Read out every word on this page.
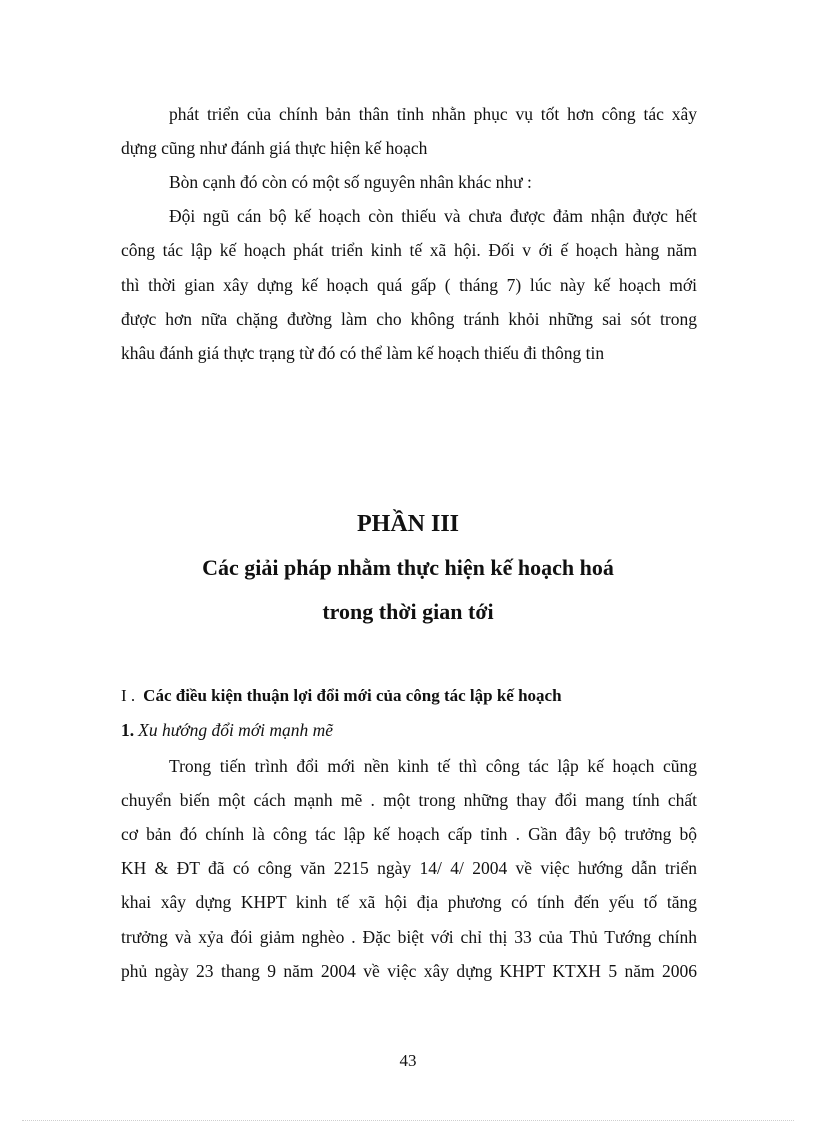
phát triển của chính bản thân tỉnh nhằn phục vụ tốt hơn công tác xây

dựng cũng như đánh giá thực hiện kế hoạch

Bòn cạnh đó còn có một số nguyên nhân khác như :

Đội ngũ cán bộ kế hoạch còn thiếu và chưa được đảm nhận được hết

công tác lập kế hoạch phát triển kinh tế xã hội. Đối v ới ế hoạch hàng năm

thì thời gian xây dựng kế hoạch quá gấp ( tháng 7) lúc này kế hoạch mới

được hơn nữa chặng đường làm cho không tránh khỏi những sai sót trong

khâu đánh giá thực trạng từ đó có thể làm kế hoạch thiếu đi thông tin

PHẦN III
Các giải pháp nhằm thực hiện kế hoạch hoá
trong thời gian tới

I . Các điều kiện thuận lợi đổi mới của công tác lập kế hoạch

1. Xu hướng đổi mới mạnh mẽ

Trong tiến trình đổi mới nền kinh tế thì công tác lập kế hoạch cũng

chuyển biến một cách mạnh mẽ . một trong những thay đổi mang tính chất

cơ bản đó chính là công tác lập kế hoạch cấp tỉnh . Gần đây bộ trưởng bộ

KH & ĐT đã có công văn 2215 ngày 14/ 4/ 2004 về việc hướng dẫn triển

khai xây dựng KHPT kinh tế xã hội địa phương có tính đến yếu tố tăng

trưởng và xỷa đói giảm nghèo . Đặc biệt với chỉ thị 33 của Thủ Tướng chính

phủ ngày 23 thang 9 năm 2004 về việc xây dựng KHPT KTXH 5 năm 2006

43
